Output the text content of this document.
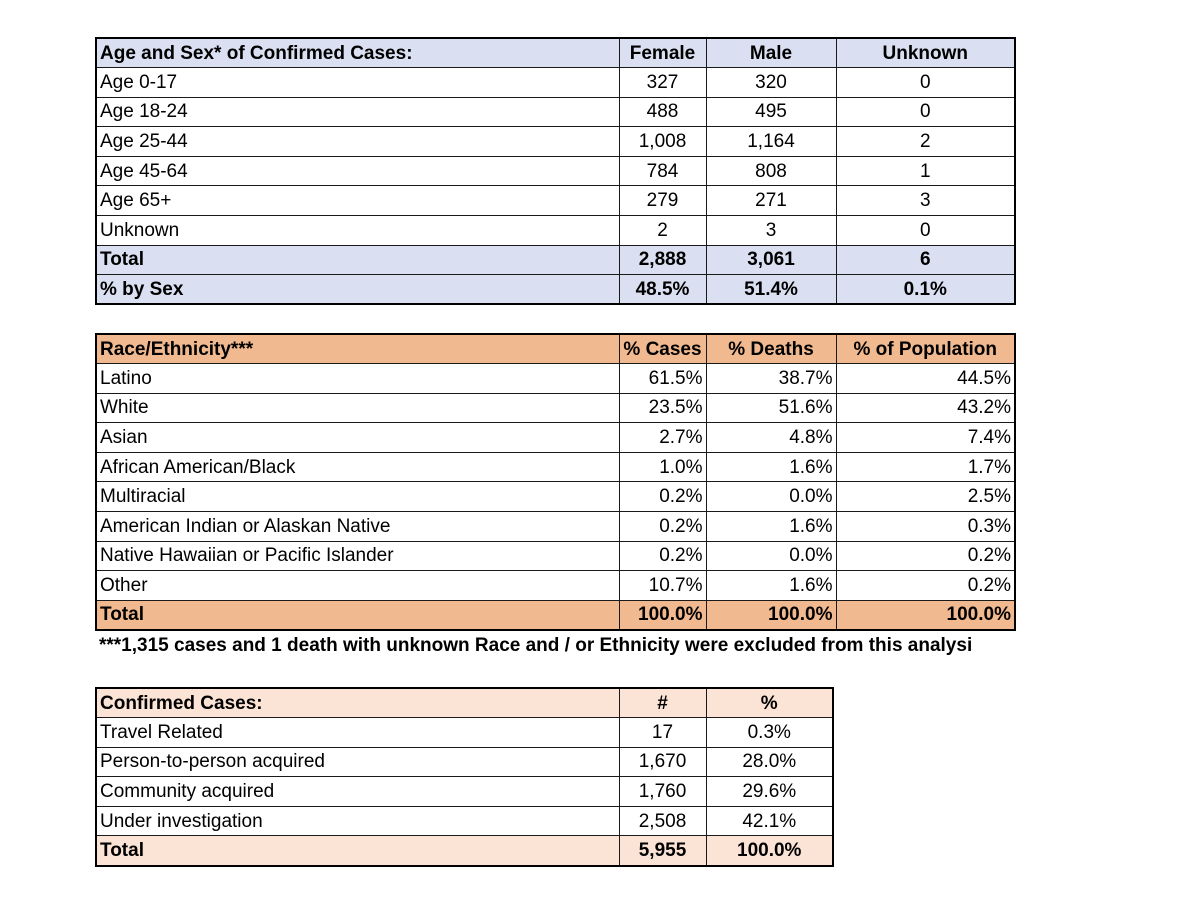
Age and Sex* of Confirmed Cases:	Female	Male	Unknown
Age 0-17	327	320	0
Age 18-24	488	495	0
Age 25-44	1,008	1,164	2
Age 45-64	784	808	1
Age 65+	279	271	3
Unknown	2	3	0
Total	2,888	3,061	6
% by Sex	48.5%	51.4%	0.1%
Race/Ethnicity***	% Cases	% Deaths	% of Population
Latino	61.5%	38.7%	44.5%
White	23.5%	51.6%	43.2%
Asian	2.7%	4.8%	7.4%
African American/Black	1.0%	1.6%	1.7%
Multiracial	0.2%	0.0%	2.5%
American Indian or Alaskan Native	0.2%	1.6%	0.3%
Native Hawaiian or Pacific Islander	0.2%	0.0%	0.2%
Other	10.7%	1.6%	0.2%
Total	100.0%	100.0%	100.0%
***1,315 cases and 1 death with unknown Race and / or Ethnicity were excluded from this analysi
Confirmed Cases:	#	%
Travel Related	17	0.3%
Person-to-person acquired	1,670	28.0%
Community acquired	1,760	29.6%
Under investigation	2,508	42.1%
Total	5,955	100.0%
